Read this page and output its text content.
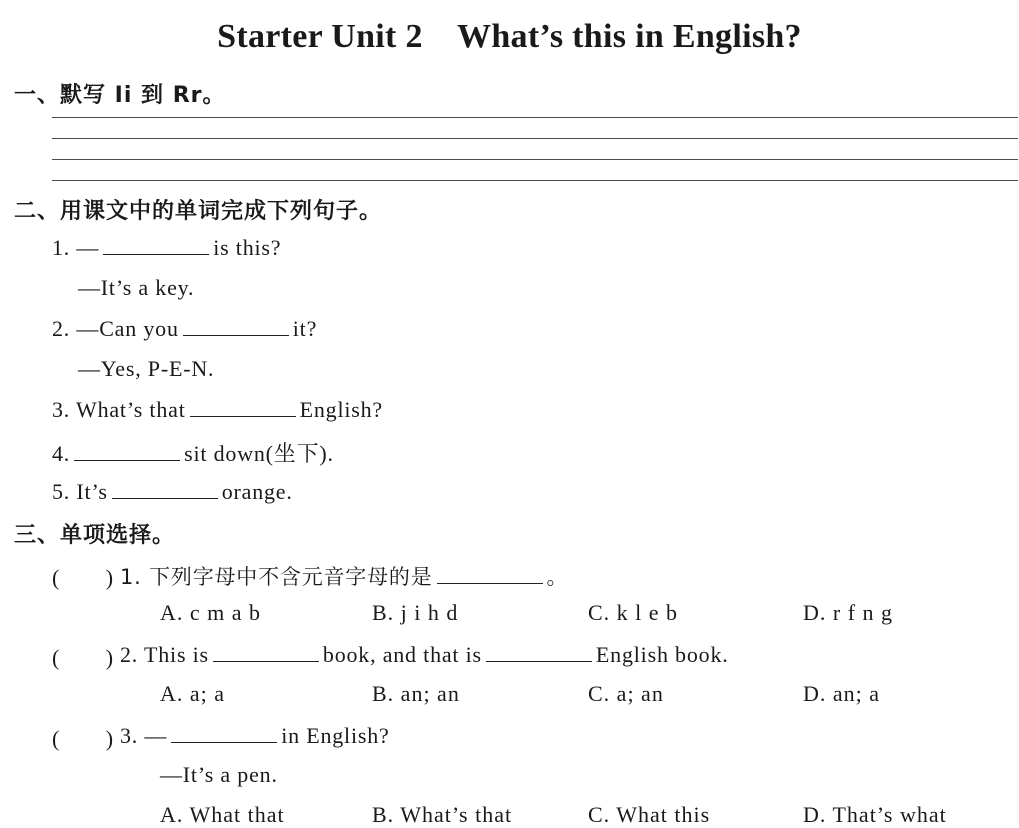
Starter Unit 2　What’s this in English?
一、默写 Ii 到 Rr。
二、用课文中的单词完成下列句子。
1. —	is this?
—It’s a key.
2. —Can you	it?
—Yes, P-E-N.
3. What’s that	English?
4.	sit down(坐下).
5. It’s	orange.
三、单项选择。
(　　) 1. 下列字母中不含元音字母的是	。
A. c m a b	B. j i h d	C. k l e b	D. r f n g
(　　) 2. This is	book, and that is	English book.
A. a; a	B. an; an	C. a; an	D. an; a
(　　) 3. —	in English?
—It’s a pen.
A. What that	B. What’s that	C. What this	D. That’s what
